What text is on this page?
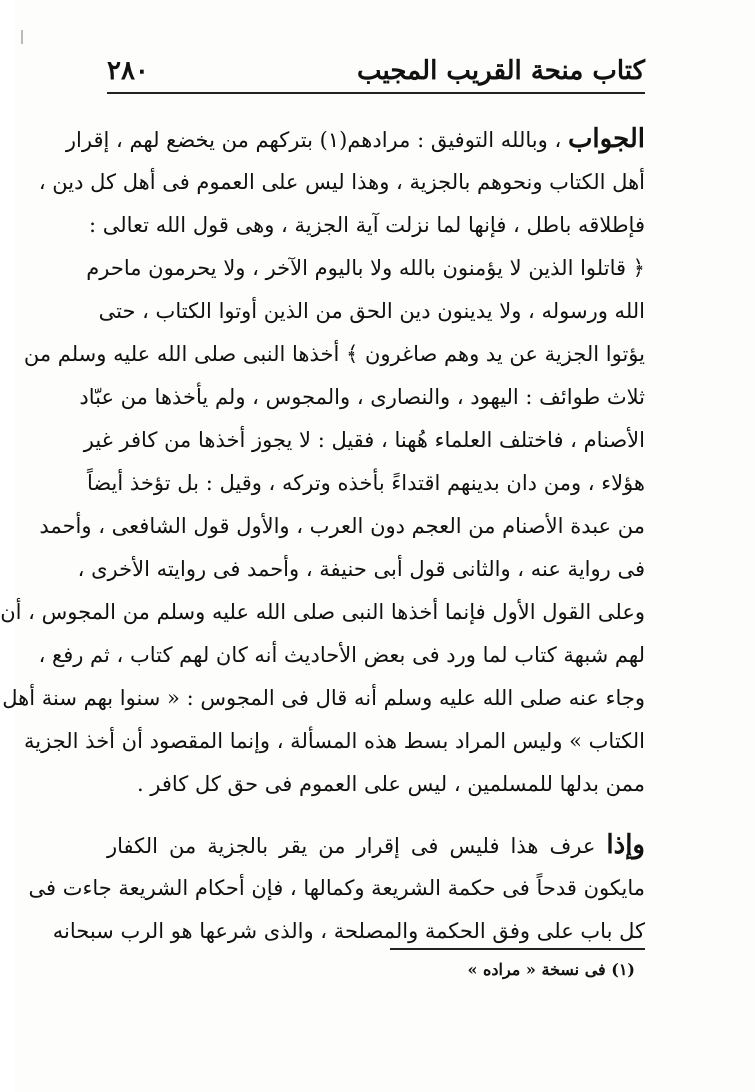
كتاب منحة القريب المجيب
٢٨٠
الجواب ، وبالله التوفيق : مرادهم(١) بتركهم من يخضع لهم ، إقرار
أهل الكتاب ونحوهم بالجزية ، وهذا ليس على العموم فى أهل كل دين ،
فإطلاقه باطل ، فإنها لما نزلت آية الجزية ، وهى قول الله تعالى :
﴿ قاتلوا الذين لا يؤمنون بالله ولا باليوم الآخر ، ولا يحرمون ماحرم
الله ورسوله ، ولا يدينون دين الحق من الذين أوتوا الكتاب ، حتى
يؤتوا الجزية عن يد وهم صاغرون ﴾ أخذها النبى صلى الله عليه وسلم من
ثلاث طوائف : اليهود ، والنصارى ، والمجوس ، ولم يأخذها من عبّاد
الأصنام ، فاختلف العلماء هُهنا ، فقيل : لا يجوز أخذها من كافر غير
هؤلاء ، ومن دان بدينهم اقتداءً بأخذه وتركه ، وقيل : بل تؤخذ أيضاً
من عبدة الأصنام من العجم دون العرب ، والأول قول الشافعى ، وأحمد
فى رواية عنه ، والثانى قول أبى حنيفة ، وأحمد فى روايته الأخرى ،
وعلى القول الأول فإنما أخذها النبى صلى الله عليه وسلم من المجوس ، أن
لهم شبهة كتاب لما ورد فى بعض الأحاديث أنه كان لهم كتاب ، ثم رفع ،
وجاء عنه صلى الله عليه وسلم أنه قال فى المجوس : « سنوا بهم سنة أهل
الكتاب » وليس المراد بسط هذه المسألة ، وإنما المقصود أن أخذ الجزية
ممن بدلها للمسلمين ، ليس على العموم فى حق كل كافر .
وإذا عرف هذا فليس فى إقرار من يقر بالجزية من الكفار
مايكون قدحاً فى حكمة الشريعة وكمالها ، فإن أحكام الشريعة جاءت فى
كل باب على وفق الحكمة والمصلحة ، والذى شرعها هو الرب سبحانه
(١) فى نسخة « مراده »
